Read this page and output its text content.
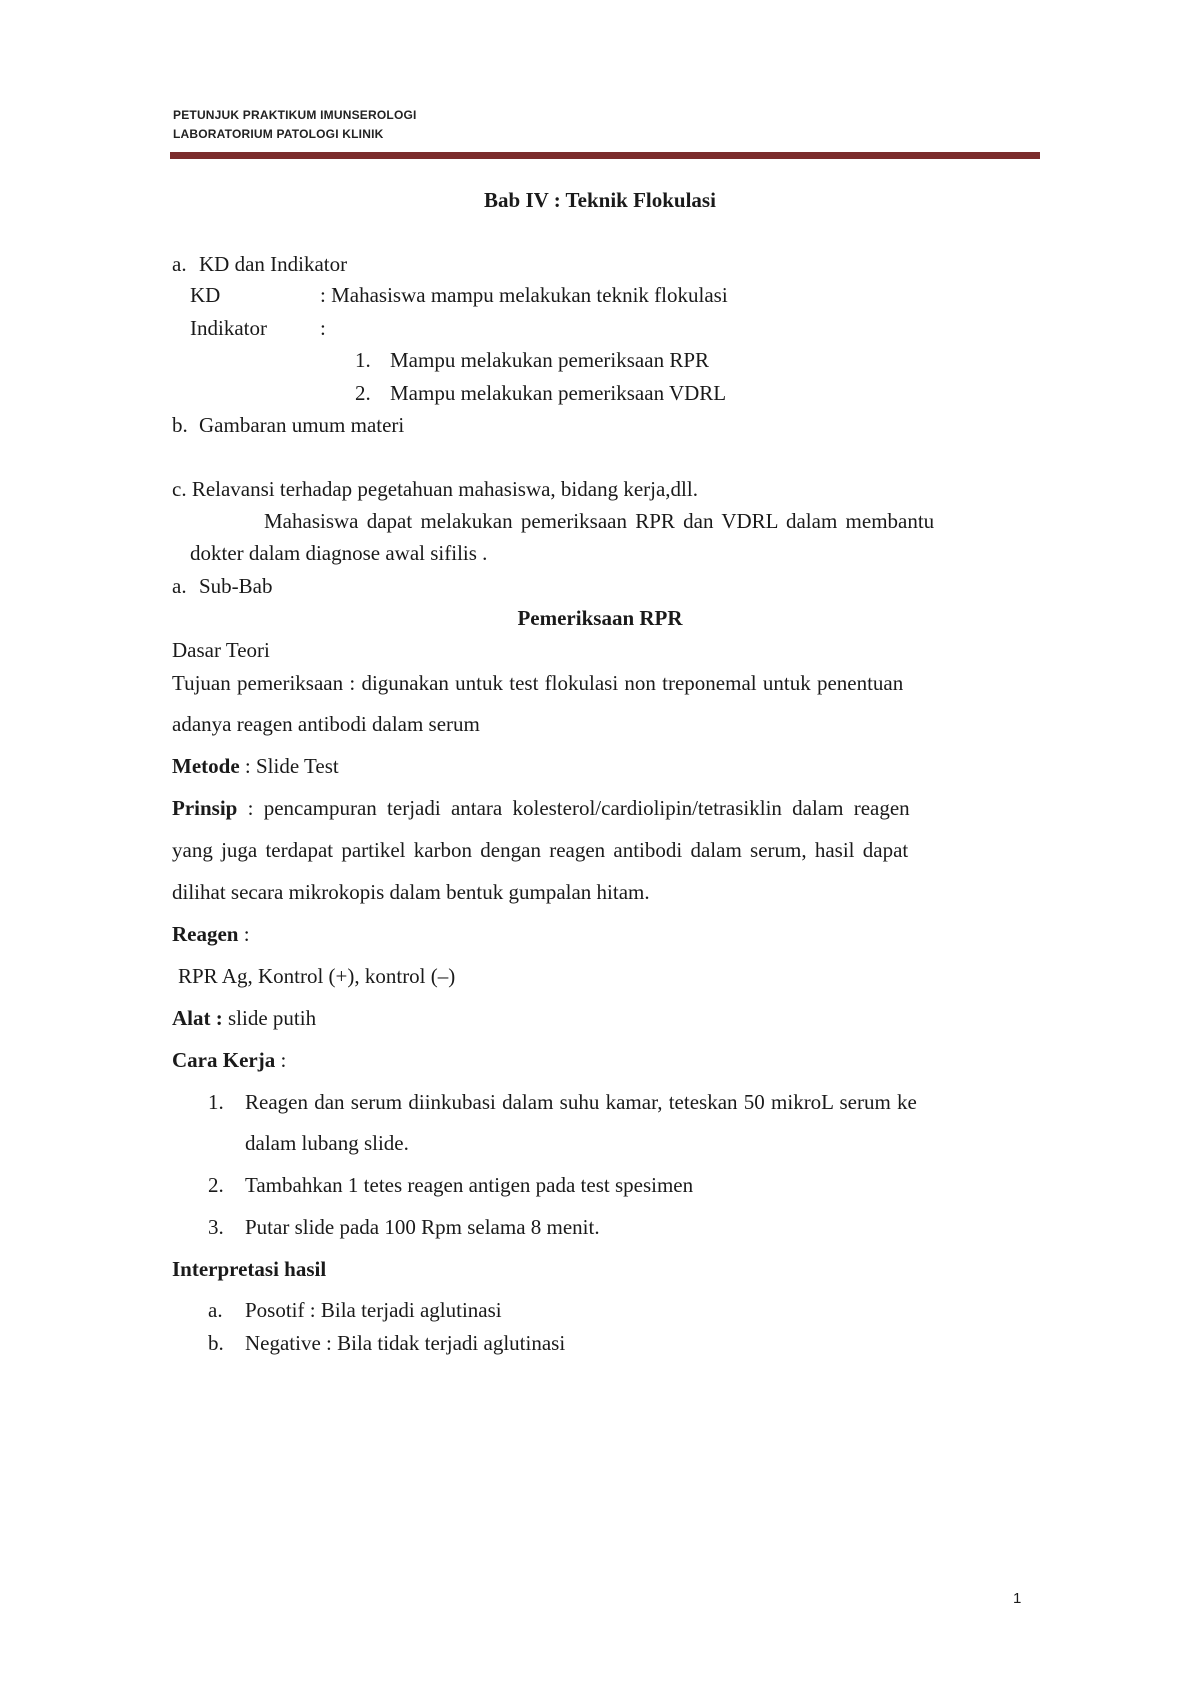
PETUNJUK PRAKTIKUM IMUNSEROLOGI
LABORATORIUM PATOLOGI KLINIK
Bab IV : Teknik Flokulasi
a. KD dan Indikator
KD	: Mahasiswa mampu melakukan teknik flokulasi
Indikator	:
1. Mampu melakukan pemeriksaan RPR
2. Mampu melakukan pemeriksaan VDRL
b. Gambaran umum materi
c. Relavansi terhadap pegetahuan mahasiswa, bidang kerja,dll.
Mahasiswa dapat melakukan pemeriksaan RPR dan VDRL dalam membantu
dokter dalam diagnose awal sifilis .
a. Sub-Bab
Pemeriksaan RPR
Dasar Teori
Tujuan pemeriksaan : digunakan untuk test flokulasi non treponemal untuk penentuan
adanya reagen antibodi dalam serum
Metode : Slide Test
Prinsip : pencampuran terjadi antara kolesterol/cardiolipin/tetrasiklin dalam reagen
yang juga terdapat partikel karbon dengan reagen antibodi dalam serum, hasil dapat
dilihat secara mikrokopis dalam bentuk gumpalan hitam.
Reagen :
RPR Ag, Kontrol (+), kontrol (–)
Alat : slide putih
Cara Kerja :
1. Reagen dan serum diinkubasi dalam suhu kamar, teteskan 50 mikroL serum ke
dalam lubang slide.
2. Tambahkan 1 tetes reagen antigen pada test spesimen
3. Putar slide pada 100 Rpm selama 8 menit.
Interpretasi hasil
a. Posotif : Bila terjadi aglutinasi
b. Negative : Bila tidak terjadi aglutinasi
1
